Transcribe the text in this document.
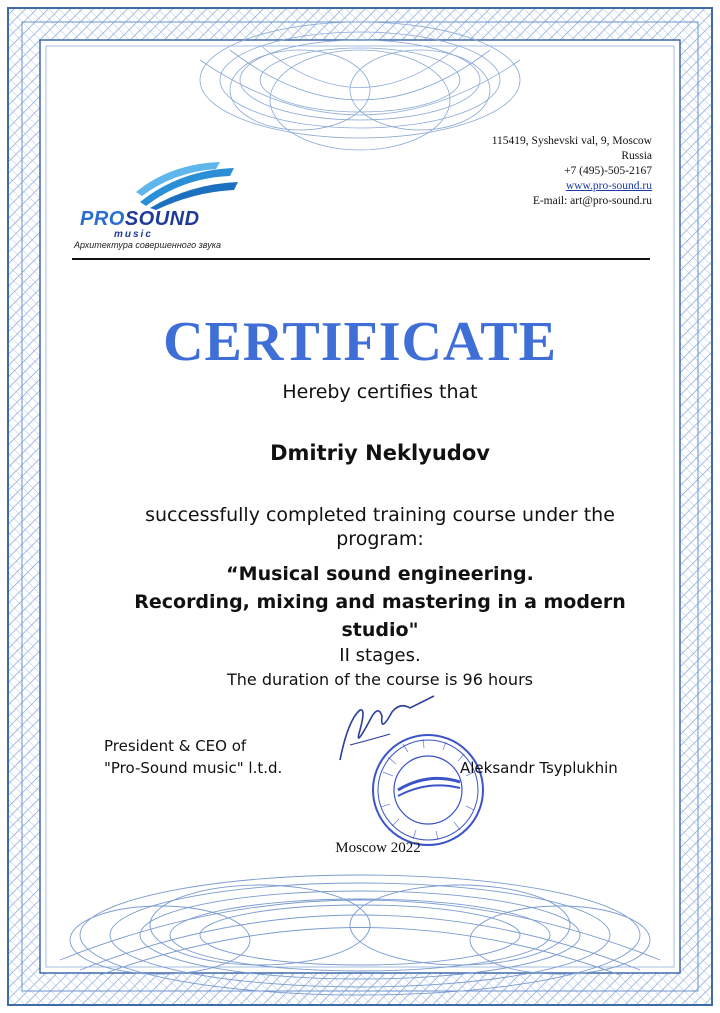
115419, Syshevski val, 9, Moscow
Russia
+7 (495)-505-2167
www.pro-sound.ru
E-mail: art@pro-sound.ru
PROSOUND
music
Архитектура совершенного звука
CERTIFICATE
Hereby certifies that
Dmitriy Neklyudov
successfully completed training course under the
program:
“Musical sound engineering.
Recording, mixing and mastering in a modern
studio"
II stages.
The duration of the course is 96 hours
President & CEO of
"Pro-Sound music" l.t.d.	Aleksandr Tsyplukhin
Moscow 2022
